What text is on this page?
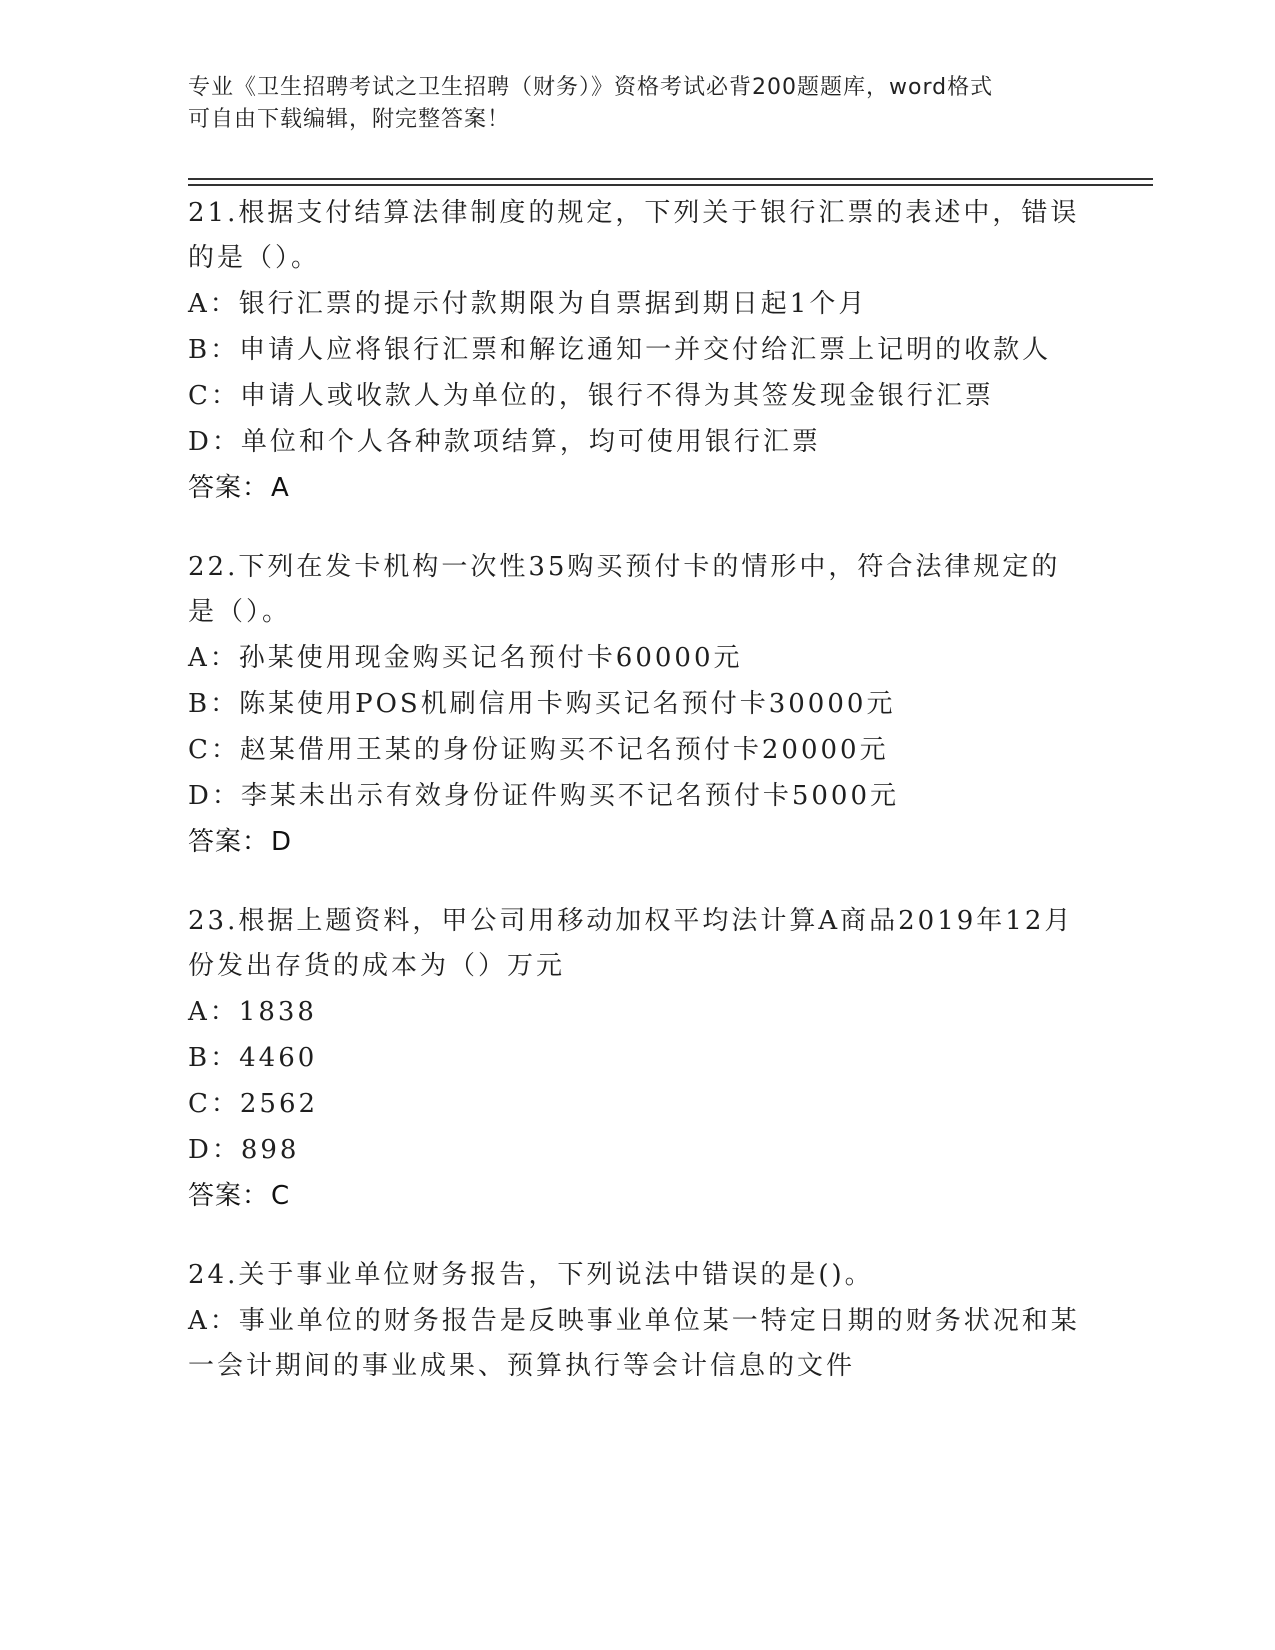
专业《卫生招聘考试之卫生招聘（财务）》资格考试必背200题题库，word格式
可自由下载编辑，附完整答案！

21.根据支付结算法律制度的规定，下列关于银行汇票的表述中，错误的是（）。

A：银行汇票的提示付款期限为自票据到期日起1个月

B：申请人应将银行汇票和解讫通知一并交付给汇票上记明的收款人

C：申请人或收款人为单位的，银行不得为其签发现金银行汇票

D：单位和个人各种款项结算，均可使用银行汇票

答案：A

22.下列在发卡机构一次性35购买预付卡的情形中，符合法律规定的是（）。

A：孙某使用现金购买记名预付卡60000元

B：陈某使用POS机刷信用卡购买记名预付卡30000元

C：赵某借用王某的身份证购买不记名预付卡20000元

D：李某未出示有效身份证件购买不记名预付卡5000元

答案：D

23.根据上题资料，甲公司用移动加权平均法计算A商品2019年12月份发出存货的成本为（）万元

A：1838

B：4460

C：2562

D：898

答案：C

24.关于事业单位财务报告，下列说法中错误的是()。

A：事业单位的财务报告是反映事业单位某一特定日期的财务状况和某一会计期间的事业成果、预算执行等会计信息的文件
